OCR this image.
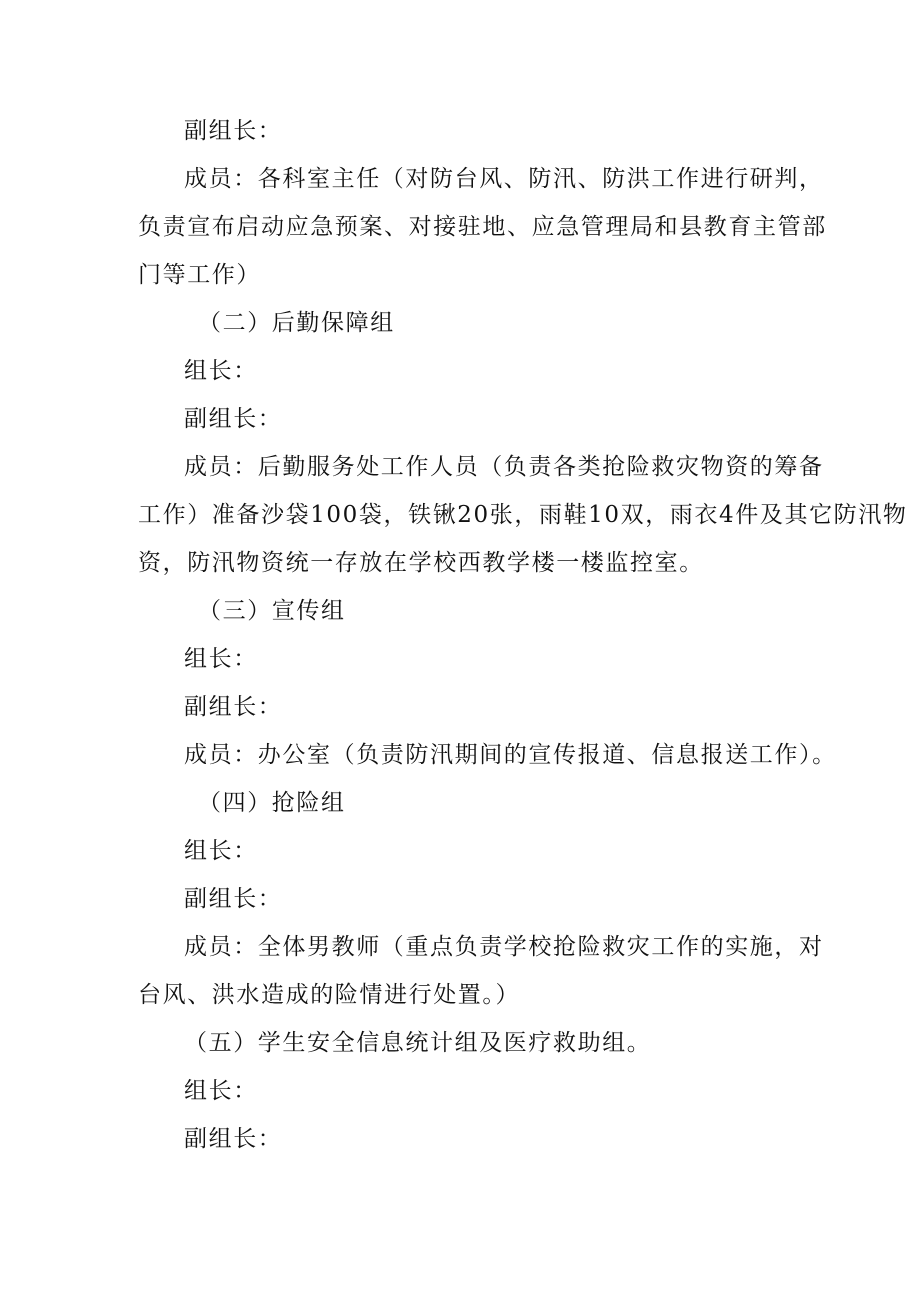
副组长：
成员：各科室主任（对防台风、防汛、防洪工作进行研判，
负责宣布启动应急预案、对接驻地、应急管理局和县教育主管部
门等工作）
（二）后勤保障组
组长：
副组长：
成员：后勤服务处工作人员（负责各类抢险救灾物资的筹备
工作）准备沙袋100袋，铁锹20张，雨鞋10双，雨衣4件及其它防汛物
资，防汛物资统一存放在学校西教学楼一楼监控室。
（三）宣传组
组长：
副组长：
成员：办公室（负责防汛期间的宣传报道、信息报送工作）。
（四）抢险组
组长：
副组长：
成员：全体男教师（重点负责学校抢险救灾工作的实施，对
台风、洪水造成的险情进行处置。）
（五）学生安全信息统计组及医疗救助组。
组长：
副组长：
